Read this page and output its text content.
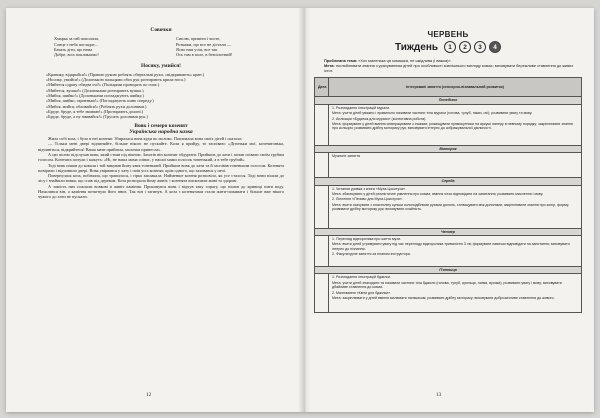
Совочки
Хмарка за гай пополила,
Сонце з неба поглядає...
Бачать діти, що нема
Добре, всіх покликаємо!
Сиплю, приміти і чисте,
Розкажи, що все не дістали —
Ясно нам усім, все так
Ось там в поле, в безпілотний!
Носику, умийся!
«Кранику, відкрийся!» (Правою рукою роблять обертальні рухи, «відкривають» кран.)
«Носику, умийся!» (Долонькою пальцями обох рук розтирають крила носа.)
«Мийтеся одразу обидва очі!» (Пальцями проводять по очах.)
«Мийтеся, вушка!» (Долоньками розтирають вушка.)
«Мийся, шийко!» (Долоньками погладжують шийку.)
«Мийся, шийко, гарненько!» (Погладжують шию спереду.)
«Мийся, мийся, обливайся!» (Роблять рухи долонями.)
«Бруде, бруде, я тебе змиваю!» (Протирають долоні.)
«Бруде, бруде, а ну змивайся!» (Трусять долонями рук.)
Вовк і семеро козенят
Українська народна казка

Жила собі коза, і було в неї козенят. Збиралася вона куди по молоко. Покликала вона своїх дітей і сказала:

— Тільки мені двері відчиняйте, більше нікого не пускайте. Коли я прийду, то заспіваю: «Дітоньки мої, козенятонька, відчиніться, відкрийтеся! Ваша мати прийшла, молочка принесла».

А цю пісню підслухав вовк, який стояв під вікном. Захотів він козенят обдурити. Прийшов до хати і почав співати своїм грубим голосом. Козенята почули і кажуть: «Ні, не наша мама співає, у нашої мами голосок тоненький, а в тебе грубий».

Тоді вовк пішов до коваля і той викував йому язик тоненький. Прийшов вовк до хати та й заспівав тоненьким голосом. Козенята повірили і відчинили двері. Вовк увірвався у хату і поїв усіх козенят, крім одного, що заховався у печі.

Повернулася коза, побачила, що трапилося, і гірко заплакала. Найменше козеня розповіло, як усе сталося. Тоді вони пішли до лісу і знайшли вовка, що спав під деревом. Коза розпорола йому живіт, і козенята вискочили живі та здорові.

А замість них поклали вовкові в живіт каміння. Прокинувся вовк і відчув таку спрагу, що пішов до криниці пити воду. Нахилився він, а каміння потягнуло його вниз. Так він і загинув. А коза з козенятами стали жити-поживати і більше вже нікого чужого до хати не пускали.

12
ЧЕРВЕНЬ
Тиждень	1	2	3	4
Проблемна тема: «Хоч маленька ця комашка, не шкідлива (і важка)».
Мета: поглиблювати знання з урахуванням дітей про особливості зовнішнього вигляду комах; виховувати бережливе ставлення до живих істот.
Дата	Інтегровані заняття (сенсорно-пізнавальний розвиток)
Понеділок	

	1. Розглядання ілюстрацій мурахи.

Мета: учити дітей уважно і правильно називати частини тіла мурахи (голова, тулуб, ніжки, очі); розвивати увагу та мову.

2. Аплікація «Будинок для мурахи» (колективна робота).

Мета: формувати у дітей вміння співпрацювати з іншими; розміщувати прямокутники на аркуші паперу в певному порядку; закріплювати знання про кольори; розвивати дрібну моторику рук; виховувати інтерес до зображувальної діяльності.

Вівторок	

	Музичне заняття

Середа	

	1. Читання уривка з книги «Муха-Цокотуха».

Мета: збагачувати у дітей реалістичне уявлення про комах; вміння чітко відповідати на запитання; розвивати мислення і мову.

2. Ліплення «Печиво для Мухи-Цокотухи».

Мета: вчити скачувати з пластиліну кульки колоподібними рухами долонь, сплющувати між долонями; закріплювати знання про колір, форму; розвивати дрібну моторику рук; виховувати охайність.

Четвер	

	1. Перегляд відеоролика про життя мухи.

Мета: вчити дітей утримувати увагу під час перегляду відеоролика тривалістю 3 хв; формувати навички відповідати на запитання; виховувати інтерес до пізнання.

2. Фізкультурне заняття за планом інструктора.

П'ятниця	

	1. Розглядання ілюстрацій бджілки.

Мета: учити дітей знаходити та називати частини тіла бджоли (голова, тулуб, крильця, лапки, вусики); розвивати увагу і мову; виховувати дбайливе ставлення до комах.

2. Малювання «Квіти для бджілки».

Мета: закріплювати у дітей вміння малювати пальчиком; розвивати дрібну моторику; виховувати доброзичливе ставлення до живого.

13
